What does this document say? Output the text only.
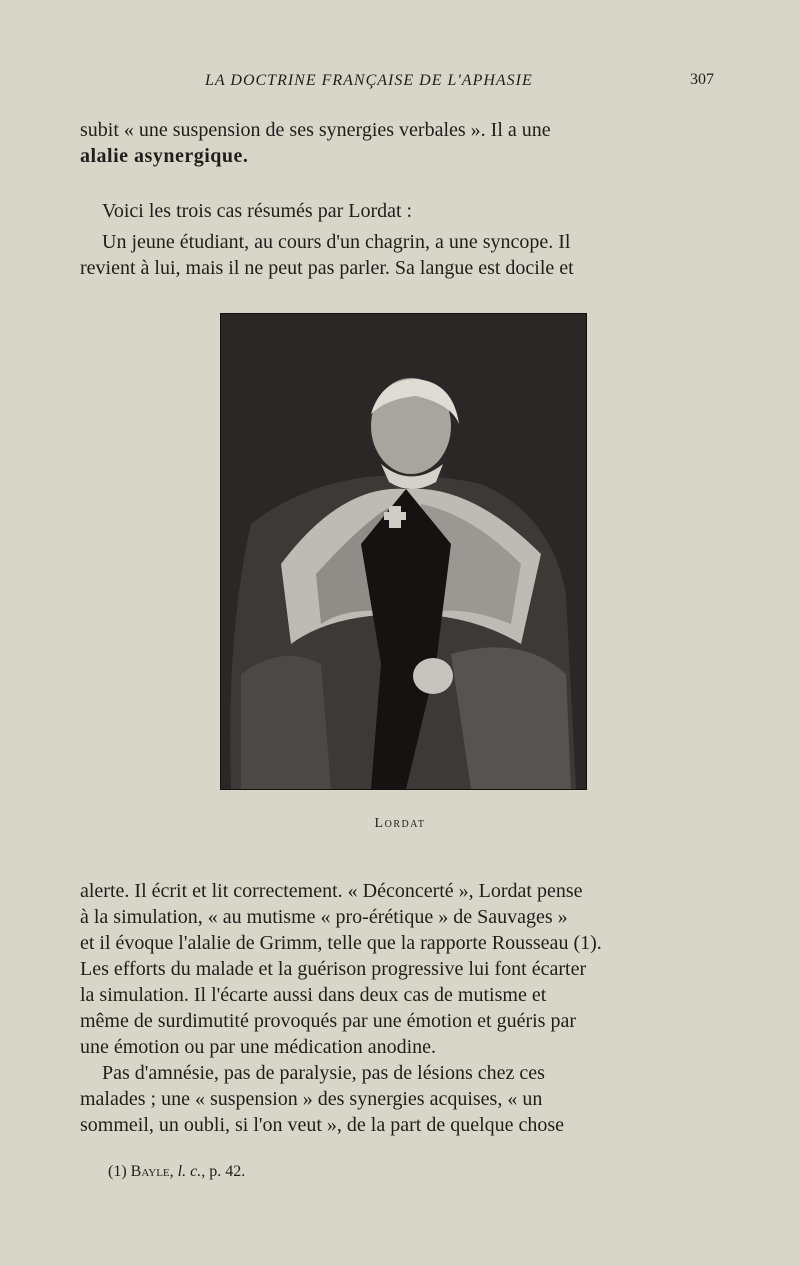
LA DOCTRINE FRANÇAISE DE L'APHASIE	307
subit « une suspension de ses synergies verbales ». Il a une
alalie asynergique.
Voici les trois cas résumés par Lordat :
Un jeune étudiant, au cours d'un chagrin, a une syncope. Il
revient à lui, mais il ne peut pas parler. Sa langue est docile et
Lordat
alerte. Il écrit et lit correctement. « Déconcerté », Lordat pense
à la simulation, « au mutisme « pro-érétique » de Sauvages »
et il évoque l'alalie de Grimm, telle que la rapporte Rousseau (1).
Les efforts du malade et la guérison progressive lui font écarter
la simulation. Il l'écarte aussi dans deux cas de mutisme et
même de surdimutité provoqués par une émotion et guéris par
une émotion ou par une médication anodine.
Pas d'amnésie, pas de paralysie, pas de lésions chez ces
malades ; une « suspension » des synergies acquises, « un
sommeil, un oubli, si l'on veut », de la part de quelque chose
(1) Bayle, l. c., p. 42.
